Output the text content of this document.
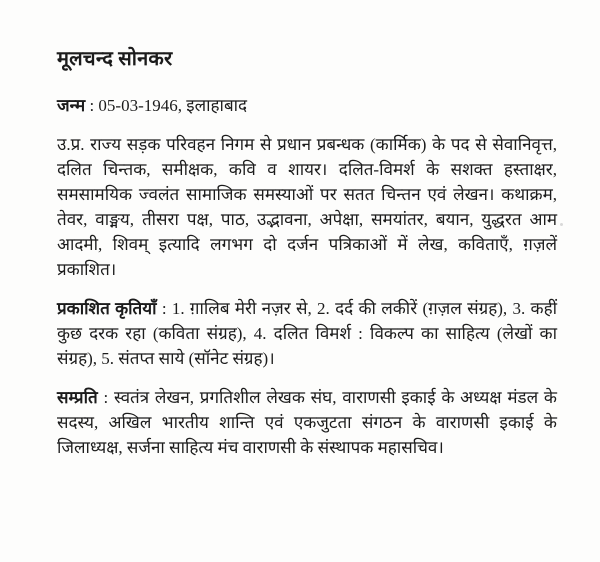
मूलचन्द सोनकर

जन्म : 05-03-1946, इलाहाबाद

उ.प्र. राज्य सड़क परिवहन निगम से प्रधान प्रबन्धक (कार्मिक) के पद से सेवानिवृत्त, दलित चिन्तक, समीक्षक, कवि व शायर। दलित-विमर्श के सशक्त हस्ताक्षर, समसामयिक ज्वलंत सामाजिक समस्याओं पर सतत चिन्तन एवं लेखन। कथाक्रम, तेवर, वाङ्मय, तीसरा पक्ष, पाठ, उद्भावना, अपेक्षा, समयांतर, बयान, युद्धरत आम आदमी, शिवम् इत्यादि लगभग दो दर्जन पत्रिकाओं में लेख, कविताएँ, ग़ज़लें प्रकाशित।

प्रकाशित कृतियाँ : 1. ग़ालिब मेरी नज़र से, 2. दर्द की लकीरें (ग़ज़ल संग्रह), 3. कहीं कुछ दरक रहा (कविता संग्रह), 4. दलित विमर्श : विकल्प का साहित्य (लेखों का संग्रह), 5. संतप्त साये (सॉनेट संग्रह)।

सम्प्रति : स्वतंत्र लेखन, प्रगतिशील लेखक संघ, वाराणसी इकाई के अध्यक्ष मंडल के सदस्य, अखिल भारतीय शान्ति एवं एकजुटता संगठन के वाराणसी इकाई के जिलाध्यक्ष, सर्जना साहित्य मंच वाराणसी के संस्थापक महासचिव।
